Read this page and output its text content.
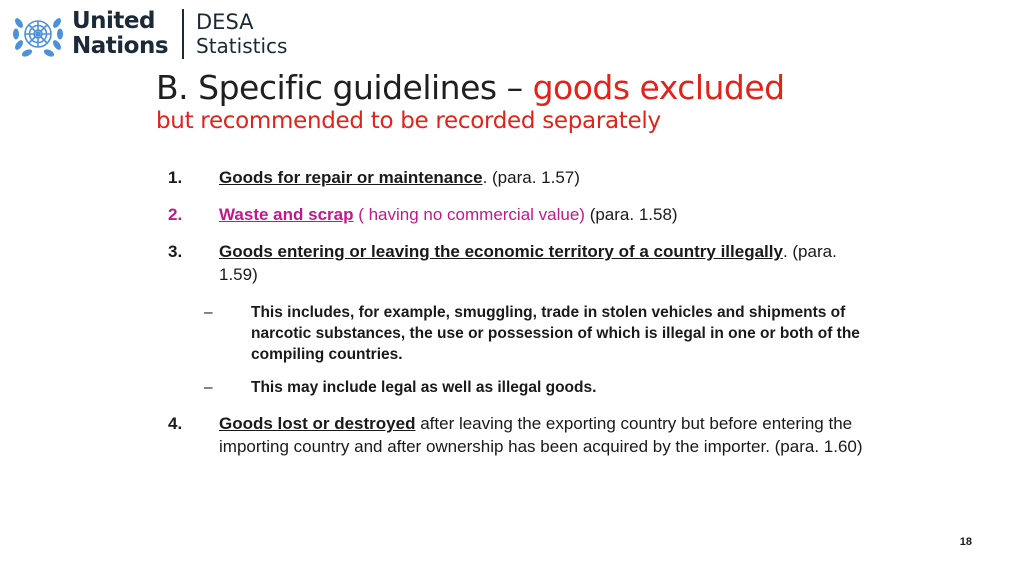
United
Nations
DESA
Statistics
B. Specific guidelines – goods excluded
but recommended to be recorded separately
1.	Goods for repair or maintenance. (para. 1.57)
2.	Waste and scrap ( having no commercial value) (para. 1.58)
3.	Goods entering or leaving the economic territory of a country illegally. (para. 1.59)
–	This includes, for example, smuggling, trade in stolen vehicles and shipments of narcotic substances, the use or possession of which is illegal in one or both of the compiling countries.
–	This may include legal as well as illegal goods.
4.	Goods lost or destroyed after leaving the exporting country but before entering the importing country and after ownership has been acquired by the importer. (para. 1.60)
18
